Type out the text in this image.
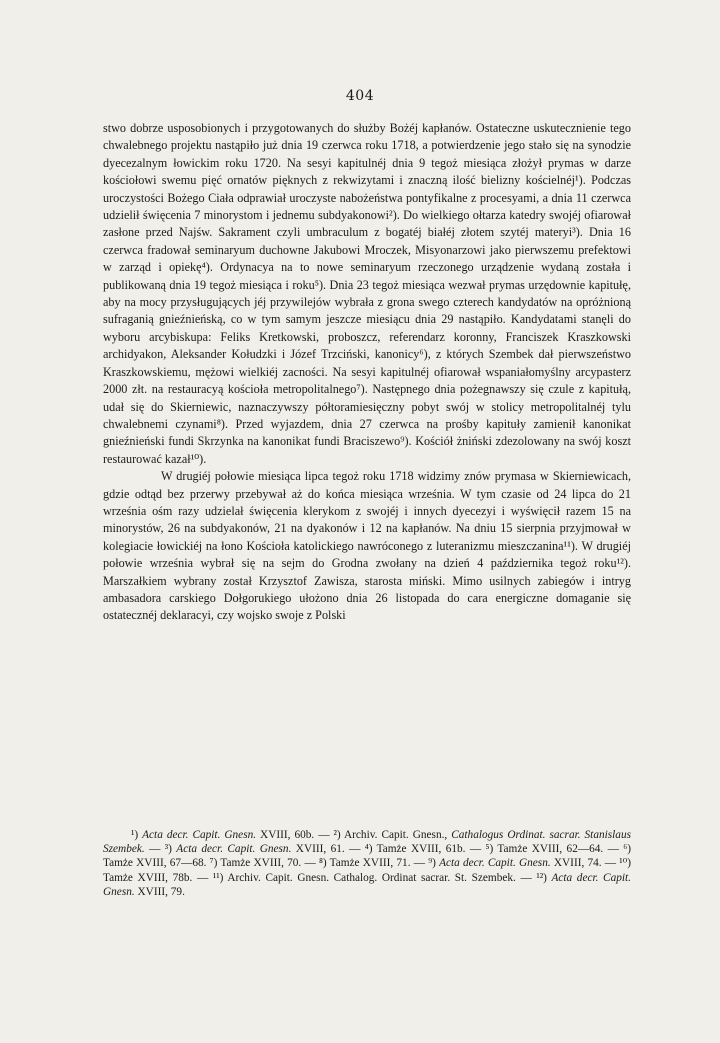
404

stwo dobrze usposobionych i przygotowanych do służby Bożéj kapłanów. Ostateczne uskutecznienie tego chwalebnego projektu nastąpiło już dnia 19 czerwca roku 1718, a potwierdzenie jego stało się na synodzie dyecezalnym łowickim roku 1720. Na sesyi kapitulnéj dnia 9 tegoż miesiąca złożył prymas w darze kościołowi swemu pięć ornatów pięknych z rekwizytami i znaczną ilość bielizny kościelnéj¹). Podczas uroczystości Bożego Ciała odprawiał uroczyste nabożeństwa pontyfikalne z procesyami, a dnia 11 czerwca udzielił święcenia 7 minorystom i jednemu subdyakonowi²). Do wielkiego ołtarza katedry swojéj ofiarował zasłone przed Najśw. Sakrament czyli umbraculum z bogatéj białéj złotem szytéj materyi³). Dnia 16 czerwca fradował seminaryum duchowne Jakubowi Mroczek, Misyonarzowi jako pierwszemu prefektowi w zarząd i opiekę⁴). Ordynacya na to nowe seminaryum rzeczonego urządzenie wydaną została i publikowaną dnia 19 tegoż miesiąca i roku⁵). Dnia 23 tegoż miesiąca wezwał prymas urzędownie kapitułę, aby na mocy przysługujących jéj przywilejów wybrała z grona swego czterech kandydatów na opróżnioną sufraganią gnieźnieńską, co w tym samym jeszcze miesiącu dnia 29 nastąpiło. Kandydatami stanęli do wyboru arcybiskupa: Feliks Kretkowski, proboszcz, referendarz koronny, Franciszek Kraszkowski archidyakon, Aleksander Kołudzki i Józef Trzciński, kanonicy⁶), z których Szembek dał pierwszeństwo Kraszkowskiemu, mężowi wielkiéj zacności. Na sesyi kapitulnéj ofiarował wspaniałomyślny arcypasterz 2000 złt. na restauracyą kościoła metropolitalnego⁷). Następnego dnia pożegnawszy się czule z kapitułą, udał się do Skierniewic, naznaczywszy półtoramiesięczny pobyt swój w stolicy metropolitalnéj tylu chwalebnemi czynami⁸). Przed wyjazdem, dnia 27 czerwca na prośby kapituły zamienił kanonikat gnieźnieński fundi Skrzynka na kanonikat fundi Braciszewo⁹). Kościół żniński zdezolowany na swój koszt restaurować kazał¹⁰).

W drugiéj połowie miesiąca lipca tegoż roku 1718 widzimy znów prymasa w Skierniewicach, gdzie odtąd bez przerwy przebywał aż do końca miesiąca września. W tym czasie od 24 lipca do 21 września ośm razy udzielał święcenia klerykom z swojéj i innych dyecezyi i wyświęcił razem 15 na minorystów, 26 na subdyakonów, 21 na dyakonów i 12 na kapłanów. Na dniu 15 sierpnia przyjmował w kolegiacie łowickiéj na łono Kościoła katolickiego nawróconego z luteranizmu mieszczanina¹¹). W drugiéj połowie września wybrał się na sejm do Grodna zwołany na dzień 4 października tegoż roku¹²). Marszałkiem wybrany został Krzysztof Zawisza, starosta miński. Mimo usilnych zabiegów i intryg ambasadora carskiego Dołgorukiego ułożono dnia 26 listopada do cara energiczne domaganie się ostatecznéj deklaracyi, czy wojsko swoje z Polski

¹) Acta decr. Capit. Gnesn. XVIII, 60b. — ²) Archiv. Capit. Gnesn., Cathalogus Ordinat. sacrar. Stanislaus Szembek. — ³) Acta decr. Capit. Gnesn. XVIII, 61. — ⁴) Tamże XVIII, 61b. — ⁵) Tamże XVIII, 62—64. — ⁶) Tamże XVIII, 67—68. ⁷) Tamże XVIII, 70. — ⁸) Tamże XVIII, 71. — ⁹) Acta decr. Capit. Gnesn. XVIII, 74. — ¹⁰) Tamże XVIII, 78b. — ¹¹) Archiv. Capit. Gnesn. Cathalog. Ordinat sacrar. St. Szembek. — ¹²) Acta decr. Capit. Gnesn. XVIII, 79.
